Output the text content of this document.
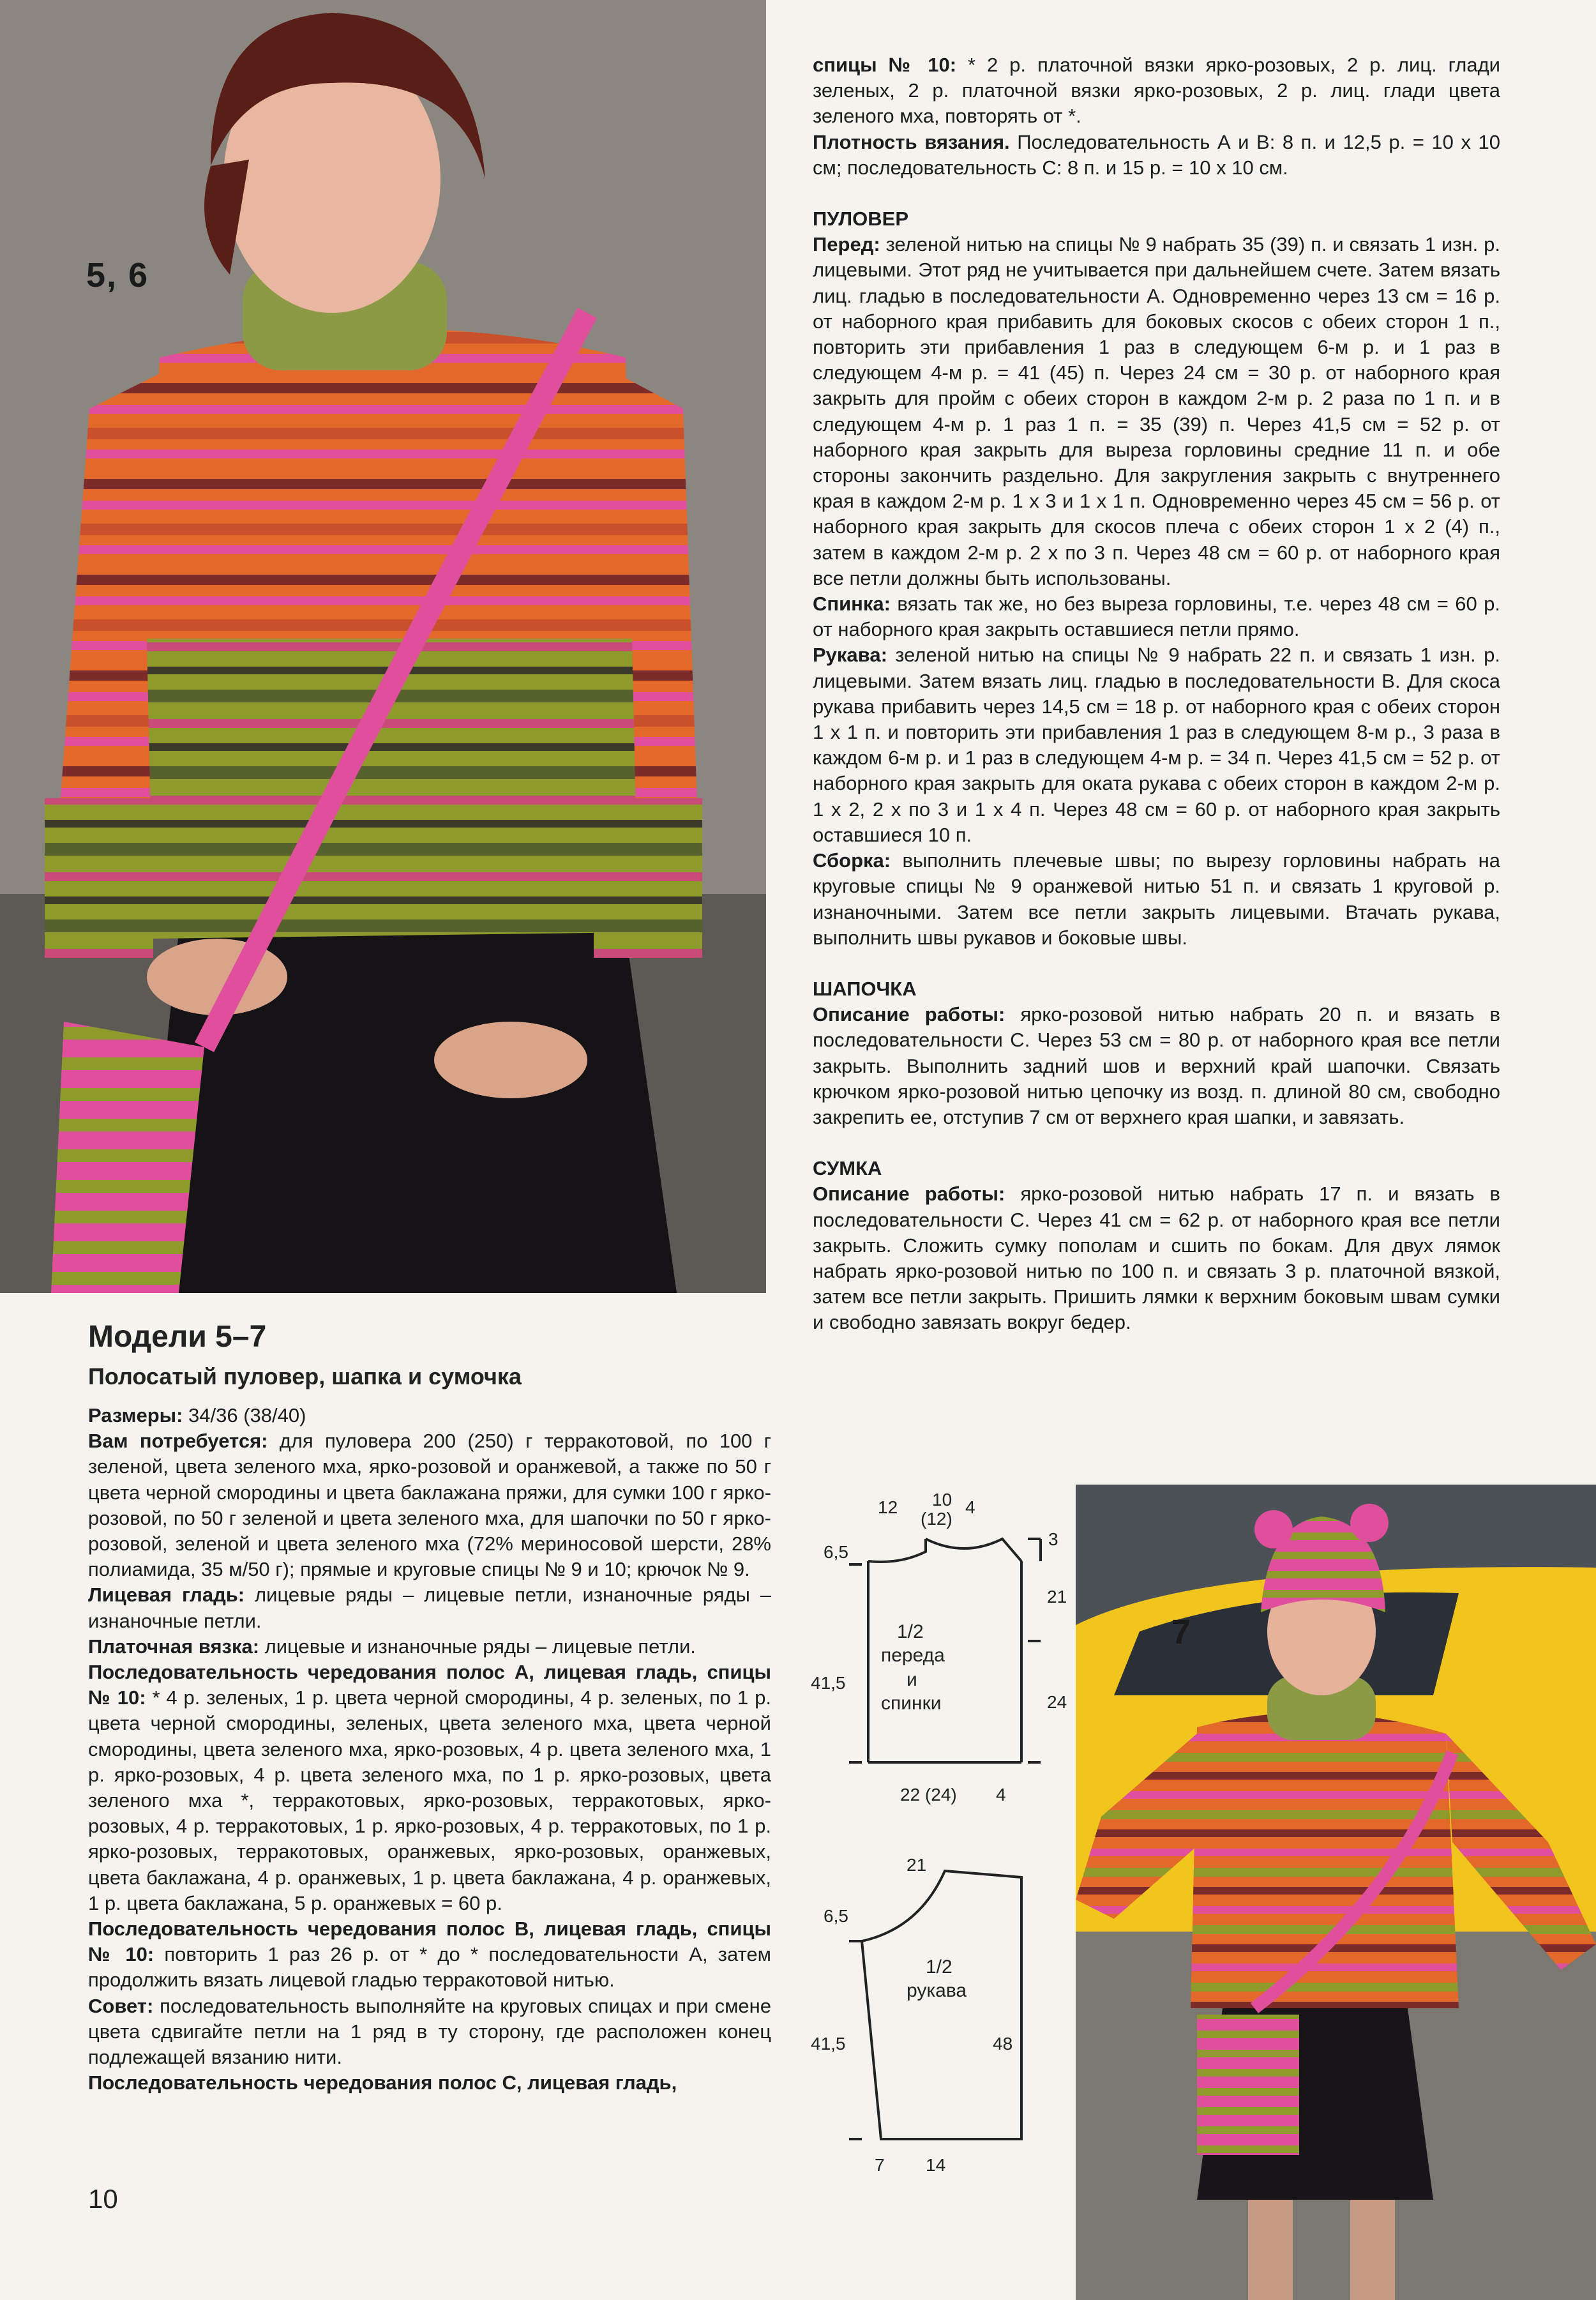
5, 6

спицы № 10: * 2 р. платочной вязки ярко-розовых, 2 р. лиц. глади зеленых, 2 р. платочной вязки ярко-розовых, 2 р. лиц. глади цвета зеленого мха, повторять от *.

Плотность вязания. Последовательность А и В: 8 п. и 12,5 р. = 10 x 10 см; последовательность С: 8 п. и 15 р. = 10 x 10 см.

ПУЛОВЕР

Перед: зеленой нитью на спицы № 9 набрать 35 (39) п. и связать 1 изн. р. лицевыми. Этот ряд не учитывается при дальнейшем счете. Затем вязать лиц. гладью в последовательности А. Одновременно через 13 см = 16 р. от наборного края прибавить для боковых скосов с обеих сторон 1 п., повторить эти прибавления 1 раз в следующем 6-м р. и 1 раз в следующем 4-м р. = 41 (45) п. Через 24 см = 30 р. от наборного края закрыть для пройм с обеих сторон в каждом 2-м р. 2 раза по 1 п. и в следующем 4-м р. 1 раз 1 п. = 35 (39) п. Через 41,5 см = 52 р. от наборного края закрыть для выреза горловины средние 11 п. и обе стороны закончить раздельно. Для закругления закрыть с внутреннего края в каждом 2-м р. 1 х 3 и 1 х 1 п. Одновременно через 45 см = 56 р. от наборного края закрыть для скосов плеча с обеих сторон 1 х 2 (4) п., затем в каждом 2-м р. 2 х по 3 п. Через 48 см = 60 р. от наборного края все петли должны быть использованы.

Спинка: вязать так же, но без выреза горловины, т.е. через 48 см = 60 р. от наборного края закрыть оставшиеся петли прямо.

Рукава: зеленой нитью на спицы № 9 набрать 22 п. и связать 1 изн. р. лицевыми. Затем вязать лиц. гладью в последовательности В. Для скоса рукава прибавить через 14,5 см = 18 р. от наборного края с обеих сторон 1 х 1 п. и повторить эти прибавления 1 раз в следующем 8-м р., 3 раза в каждом 6-м р. и 1 раз в следующем 4-м р. = 34 п. Через 41,5 см = 52 р. от наборного края закрыть для оката рукава с обеих сторон в каждом 2-м р. 1 х 2, 2 х по 3 и 1 х 4 п. Через 48 см = 60 р. от наборного края закрыть оставшиеся 10 п.

Сборка: выполнить плечевые швы; по вырезу горловины набрать на круговые спицы № 9 оранжевой нитью 51 п. и связать 1 круговой р. изнаночными. Затем все петли закрыть лицевыми. Втачать рукава, выполнить швы рукавов и боковые швы.

ШАПОЧКА

Описание работы: ярко-розовой нитью набрать 20 п. и вязать в последовательности С. Через 53 см = 80 р. от наборного края все петли закрыть. Выполнить задний шов и верхний край шапочки. Связать крючком ярко-розовой нитью цепочку из возд. п. длиной 80 см, свободно закрепить ее, отступив 7 см от верхнего края шапки, и завязать.

СУМКА

Описание работы: ярко-розовой нитью набрать 17 п. и вязать в последовательности С. Через 41 см = 62 р. от наборного края все петли закрыть. Сложить сумку пополам и сшить по бокам. Для двух лямок набрать ярко-розовой нитью по 100 п. и связать 3 р. платочной вязкой, затем все петли закрыть. Пришить лямки к верхним боковым швам сумки и свободно завязать вокруг бедер.

Модели 5–7
Полосатый пуловер, шапка и сумочка

Размеры: 34/36 (38/40)

Вам потребуется: для пуловера 200 (250) г терракотовой, по 100 г зеленой, цвета зеленого мха, ярко-розовой и оранжевой, а также по 50 г цвета черной смородины и цвета баклажана пряжи, для сумки 100 г ярко-розовой, по 50 г зеленой и цвета зеленого мха, для шапочки по 50 г ярко-розовой, зеленой и цвета зеленого мха (72% мериносовой шерсти, 28% полиамида, 35 м/50 г); прямые и круговые спицы № 9 и 10; крючок № 9.

Лицевая гладь: лицевые ряды – лицевые петли, изнаночные ряды – изнаночные петли.

Платочная вязка: лицевые и изнаночные ряды – лицевые петли.

Последовательность чередования полос А, лицевая гладь, спицы № 10: * 4 р. зеленых, 1 р. цвета черной смородины, 4 р. зеленых, по 1 р. цвета черной смородины, зеленых, цвета зеленого мха, цвета черной смородины, цвета зеленого мха, ярко-розовых, 4 р. цвета зеленого мха, 1 р. ярко-розовых, 4 р. цвета зеленого мха, по 1 р. ярко-розовых, цвета зеленого мха *, терракотовых, ярко-розовых, терракотовых, ярко-розовых, 4 р. терракотовых, 1 р. ярко-розовых, 4 р. терракотовых, по 1 р. ярко-розовых, терракотовых, оранжевых, ярко-розовых, оранжевых, цвета баклажана, 4 р. оранжевых, 1 р. цвета баклажана, 4 р. оранжевых, 1 р. цвета баклажана, 5 р. оранжевых = 60 р.

Последовательность чередования полос В, лицевая гладь, спицы № 10: повторить 1 раз 26 р. от * до * последовательности А, затем продолжить вязать лицевой гладью терракотовой нитью.

Совет: последовательность выполняйте на круговых спицах и при смене цвета сдвигайте петли на 1 ряд в ту сторону, где расположен конец подлежащей вязанию нити.

Последовательность чередования полос С, лицевая гладь,

10
12 10
(12)
4
6,5
41,5
3
21
24
22 (24) 4
1/2
переда
и
спинки
21
6,5
41,5	48
7 14
1/2
рукава
7
